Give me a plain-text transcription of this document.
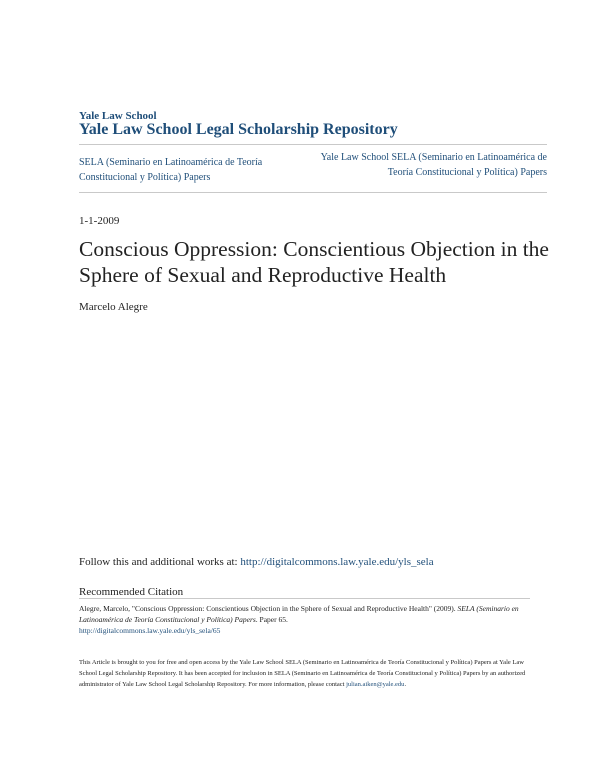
Yale Law School
Yale Law School Legal Scholarship Repository
SELA (Seminario en Latinoamérica de Teoría Constitucional y Política) Papers
Yale Law School SELA (Seminario en Latinoamérica de Teoría Constitucional y Política) Papers
1-1-2009
Conscious Oppression: Conscientious Objection in the Sphere of Sexual and Reproductive Health
Marcelo Alegre
Follow this and additional works at: http://digitalcommons.law.yale.edu/yls_sela
Recommended Citation
Alegre, Marcelo, "Conscious Oppression: Conscientious Objection in the Sphere of Sexual and Reproductive Health" (2009). SELA (Seminario en Latinoamérica de Teoría Constitucional y Política) Papers. Paper 65.
http://digitalcommons.law.yale.edu/yls_sela/65
This Article is brought to you for free and open access by the Yale Law School SELA (Seminario en Latinoamérica de Teoría Constitucional y Política) Papers at Yale Law School Legal Scholarship Repository. It has been accepted for inclusion in SELA (Seminario en Latinoamérica de Teoría Constitucional y Política) Papers by an authorized administrator of Yale Law School Legal Scholarship Repository. For more information, please contact julian.aiken@yale.edu.
